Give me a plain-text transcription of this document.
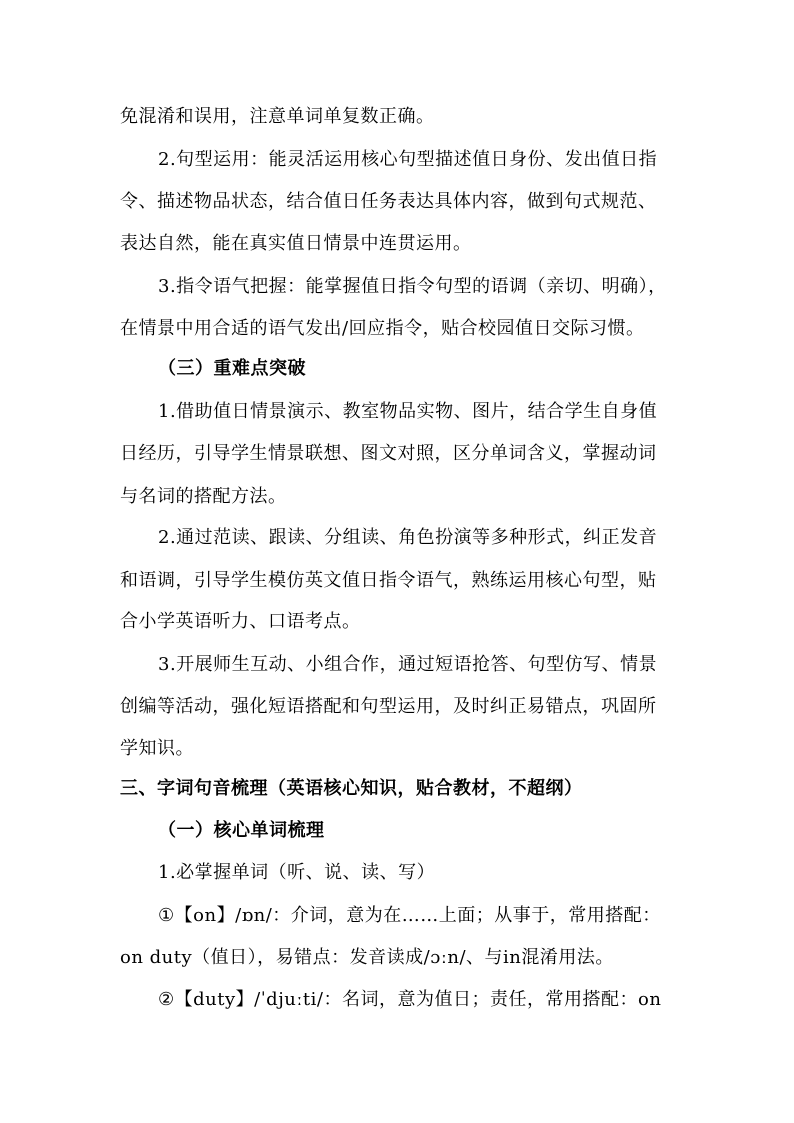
免混淆和误用，注意单词单复数正确。
2.句型运用：能灵活运用核心句型描述值日身份、发出值日指
令、描述物品状态，结合值日任务表达具体内容，做到句式规范、
表达自然，能在真实值日情景中连贯运用。
3.指令语气把握：能掌握值日指令句型的语调（亲切、明确），
在情景中用合适的语气发出/回应指令，贴合校园值日交际习惯。
（三）重难点突破
1.借助值日情景演示、教室物品实物、图片，结合学生自身值
日经历，引导学生情景联想、图文对照，区分单词含义，掌握动词
与名词的搭配方法。
2.通过范读、跟读、分组读、角色扮演等多种形式，纠正发音
和语调，引导学生模仿英文值日指令语气，熟练运用核心句型，贴
合小学英语听力、口语考点。
3.开展师生互动、小组合作，通过短语抢答、句型仿写、情景
创编等活动，强化短语搭配和句型运用，及时纠正易错点，巩固所
学知识。
三、字词句音梳理（英语核心知识，贴合教材，不超纲）
（一）核心单词梳理
1.必掌握单词（听、说、读、写）
①【on】/ɒn/：介词，意为在……上面；从事于，常用搭配：
on duty（值日），易错点：发音读成/ɔːn/、与in混淆用法。
②【duty】/ˈdjuːti/：名词，意为值日；责任，常用搭配：on
